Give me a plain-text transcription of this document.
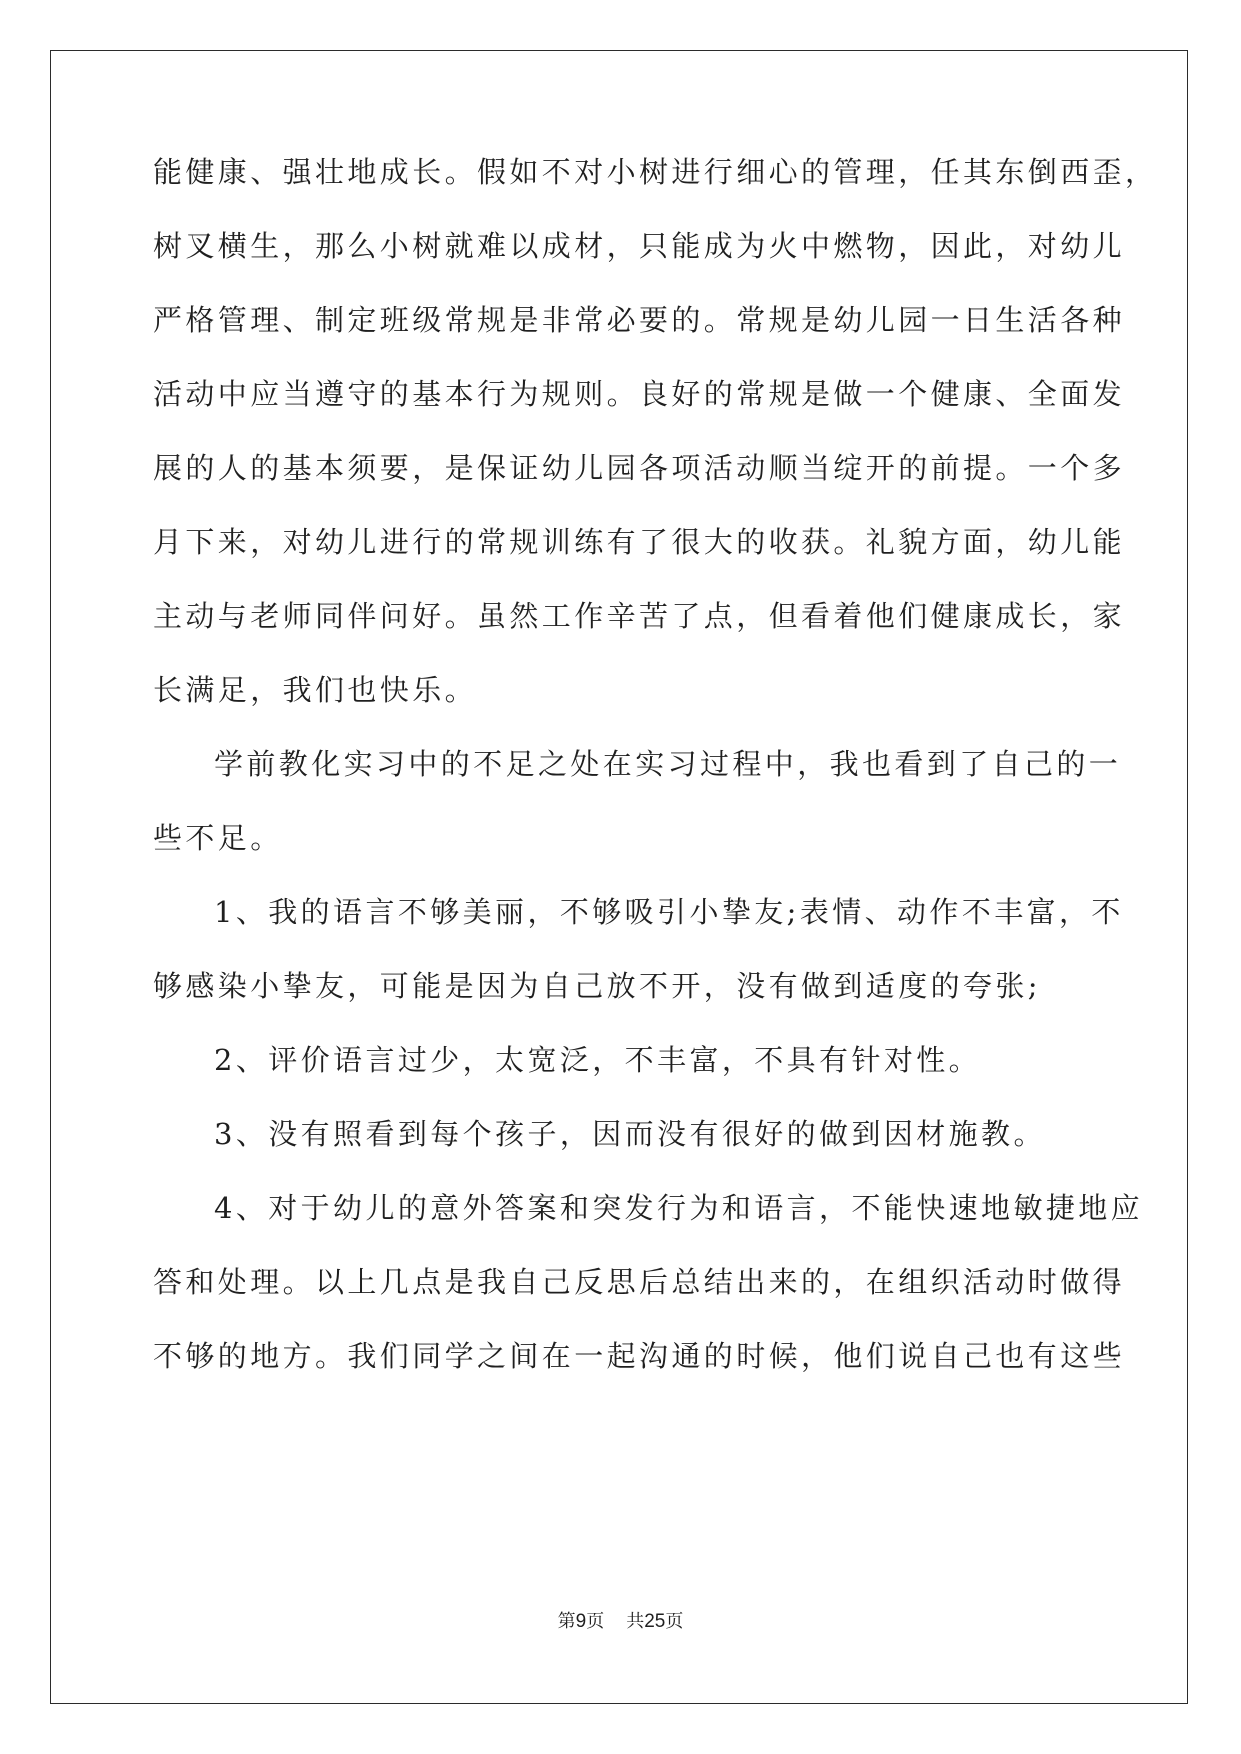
能健康、强壮地成长。假如不对小树进行细心的管理，任其东倒西歪，
树叉横生，那么小树就难以成材，只能成为火中燃物，因此，对幼儿
严格管理、制定班级常规是非常必要的。常规是幼儿园一日生活各种
活动中应当遵守的基本行为规则。良好的常规是做一个健康、全面发
展的人的基本须要，是保证幼儿园各项活动顺当绽开的前提。一个多
月下来，对幼儿进行的常规训练有了很大的收获。礼貌方面，幼儿能
主动与老师同伴问好。虽然工作辛苦了点，但看着他们健康成长，家
长满足，我们也快乐。
学前教化实习中的不足之处在实习过程中，我也看到了自己的一
些不足。
1、我的语言不够美丽，不够吸引小挚友;表情、动作不丰富，不
够感染小挚友，可能是因为自己放不开，没有做到适度的夸张;
2、评价语言过少，太宽泛，不丰富，不具有针对性。
3、没有照看到每个孩子，因而没有很好的做到因材施教。
4、对于幼儿的意外答案和突发行为和语言，不能快速地敏捷地应
答和处理。以上几点是我自己反思后总结出来的，在组织活动时做得
不够的地方。我们同学之间在一起沟通的时候，他们说自己也有这些
第9页 共25页
